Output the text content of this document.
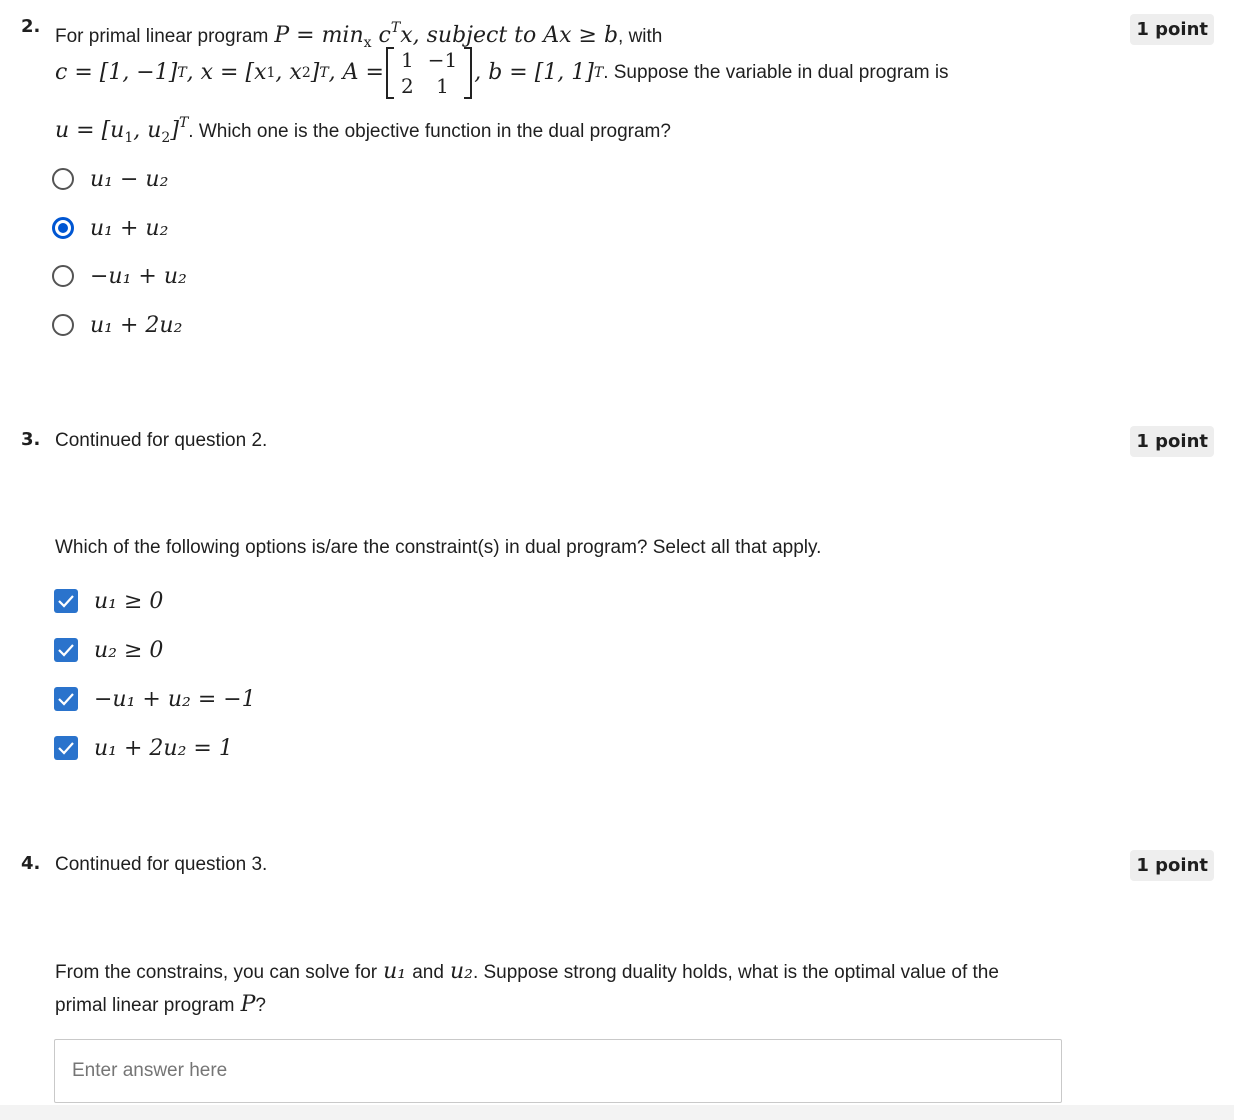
2.	1 point
For primal linear program $P = \min_x c^Tx$, subject to Ax ≥ b, with
c = [1, −1] T , x = [x 1 , x 2 ] T , A = 1	−1
2	1
, b = [1, 1] T . Suppose the variable in dual program is
$u = [u_1$, $u_2]^T$. Which one is the objective function in the dual program?
u₁ − u₂
u₁ + u₂
−u₁ + u₂
u₁ + 2u₂
3.	1 point
Continued for question 2.
Which of the following options is/are the constraint(s) in dual program? Select all that apply.
u₁ ≥ 0
u₂ ≥ 0
−u₁ + u₂ = −1
u₁ + 2u₂ = 1
4.	1 point
Continued for question 3.
From the constrains, you can solve for u₁ and u₂. Suppose strong duality holds, what is the optimal value of the
primal linear program P?
Enter answer here
